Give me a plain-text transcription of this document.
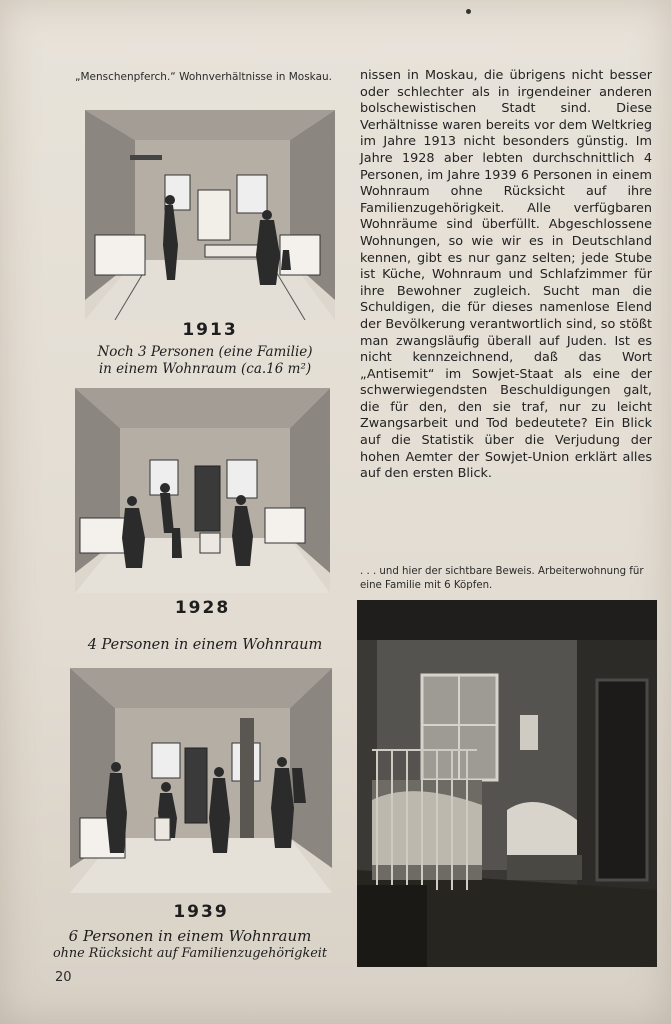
„Menschenpferch.“ Wohnverhältnisse in Moskau.
1913
Noch 3 Personen (eine Familie)
in einem Wohnraum (ca.16 m²)
1928
4 Personen in einem Wohnraum
1939
6 Personen in einem Wohnraum
ohne Rücksicht auf Familienzugehörigkeit
nissen in Moskau, die übrigens nicht besser oder schlechter als in irgendeiner anderen bolschewistischen Stadt sind. Diese Verhältnisse waren bereits vor dem Weltkrieg im Jahre 1913 nicht besonders günstig. Im Jahre 1928 aber lebten durchschnittlich 4 Personen, im Jahre 1939 6 Personen in einem Wohnraum ohne Rücksicht auf ihre Familienzugehörigkeit. Alle verfügbaren Wohnräume sind überfüllt. Abgeschlossene Wohnungen, so wie wir es in Deutschland kennen, gibt es nur ganz selten; jede Stube ist Küche, Wohnraum und Schlafzimmer für ihre Bewohner zugleich. Sucht man die Schuldigen, die für dieses namenlose Elend der Bevölkerung verantwortlich sind, so stößt man zwangsläufig überall auf Juden. Ist es nicht kennzeichnend, daß das Wort „Antisemit“ im Sowjet-Staat als eine der schwerwiegendsten Beschuldigungen galt, die für den, den sie traf, nur zu leicht Zwangsarbeit und Tod bedeutete? Ein Blick auf die Statistik über die Verjudung der hohen Aemter der Sowjet-Union erklärt alles auf den ersten Blick.
. . . und hier der sichtbare Beweis. Arbeiterwohnung für eine Familie mit 6 Köpfen.
20
